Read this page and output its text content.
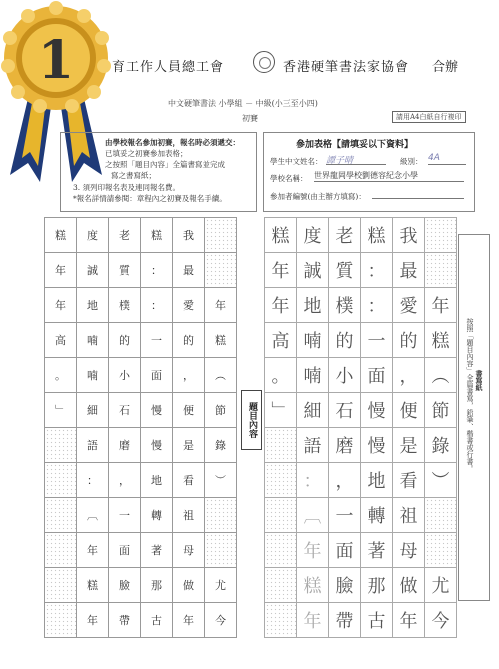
1	育工作人員總工會	香港硬筆書法家協會 合辦
中文硬筆書法 小學組 － 中級(小三至小四)
初賽	請用A4白紙自行複印
由學校報名參加初賽，報名時必須遞交：
已填妥之初賽參加表格；
之按照「題目內容」全篇書寫並完成
寫之書寫紙；
3. 須列印報名表及連同報名費。
*報名詳情請參閱：章程內之初賽及報名手續。
參加表格【請填妥以下資料】
學生中文姓名： 譚子晴	級別： 4A
學校名稱： 世界龍岡學校劉德容紀念小學
參加者編號(由主辦方填寫)：
糕	度	老	糕	我	
年	誠	質	：	最	
年	地	樸	：	愛	年
高	喃	的	一	的	糕
。	喃	小	面	，	︵
﹂	細	石	慢	便	節
	語	磨	慢	是	錄
	：	，	地	看	︶
	︹	一	轉	祖	
	年	面	著	母	
	糕	臉	那	做	尤
	年	帶	古	年	今
題目內容
糕	度	老	糕	我	
年	誠	質	：	最	
年	地	樸	：	愛	年
高	喃	的	一	的	糕
。	喃	小	面	，	︵
﹂	細	石	慢	便	節
	語	磨	慢	是	錄
	：	，	地	看	︶
	︹	一	轉	祖	
	年	面	著	母	
	糕	臉	那	做	尤
	年	帶	古	年	今
按照「題目內容」全篇書寫，鉛筆、楷書或行書。 書寫紙
